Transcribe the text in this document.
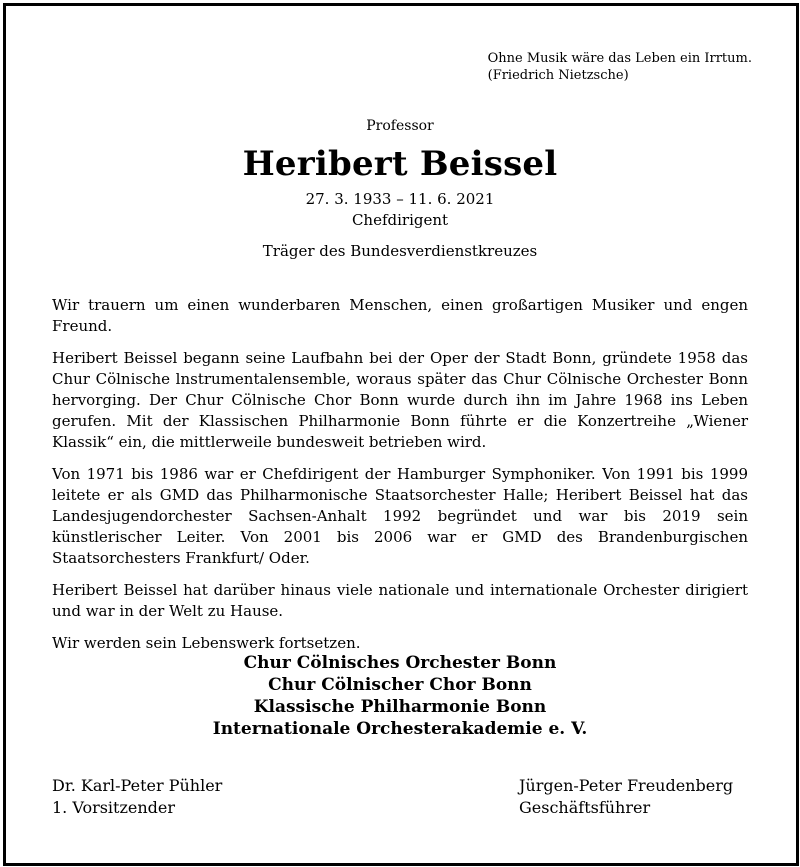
Ohne Musik wäre das Leben ein Irrtum.
(Friedrich Nietzsche)
Professor
Heribert Beissel
27. 3. 1933 – 11. 6. 2021
Chefdirigent
Träger des Bundesverdienstkreuzes

Wir trauern um einen wunderbaren Menschen, einen großartigen Musiker und engen Freund.

Heribert Beissel begann seine Laufbahn bei der Oper der Stadt Bonn, gründete 1958 das Chur Cölnische lnstrumentalensemble, woraus später das Chur Cölnische Orchester Bonn hervorging. Der Chur Cölnische Chor Bonn wurde durch ihn im Jahre 1968 ins Leben gerufen. Mit der Klassischen Philharmonie Bonn führte er die Konzertreihe „Wiener Klassik“ ein, die mittlerweile bundesweit betrieben wird.

Von 1971 bis 1986 war er Chefdirigent der Hamburger Symphoniker. Von 1991 bis 1999 leitete er als GMD das Philharmonische Staatsorchester Halle; Heribert Beissel hat das Landesjugendorchester Sachsen-Anhalt 1992 begründet und war bis 2019 sein künstlerischer Leiter. Von 2001 bis 2006 war er GMD des Brandenburgischen Staatsorchesters Frankfurt/ Oder.

Heribert Beissel hat darüber hinaus viele nationale und internationale Orchester dirigiert und war in der Welt zu Hause.

Wir werden sein Lebenswerk fortsetzen.

Chur Cölnisches Orchester Bonn
Chur Cölnischer Chor Bonn
Klassische Philharmonie Bonn
Internationale Orchesterakademie e. V.
Dr. Karl-Peter Pühler
1. Vorsitzender
Jürgen-Peter Freudenberg
Geschäftsführer
